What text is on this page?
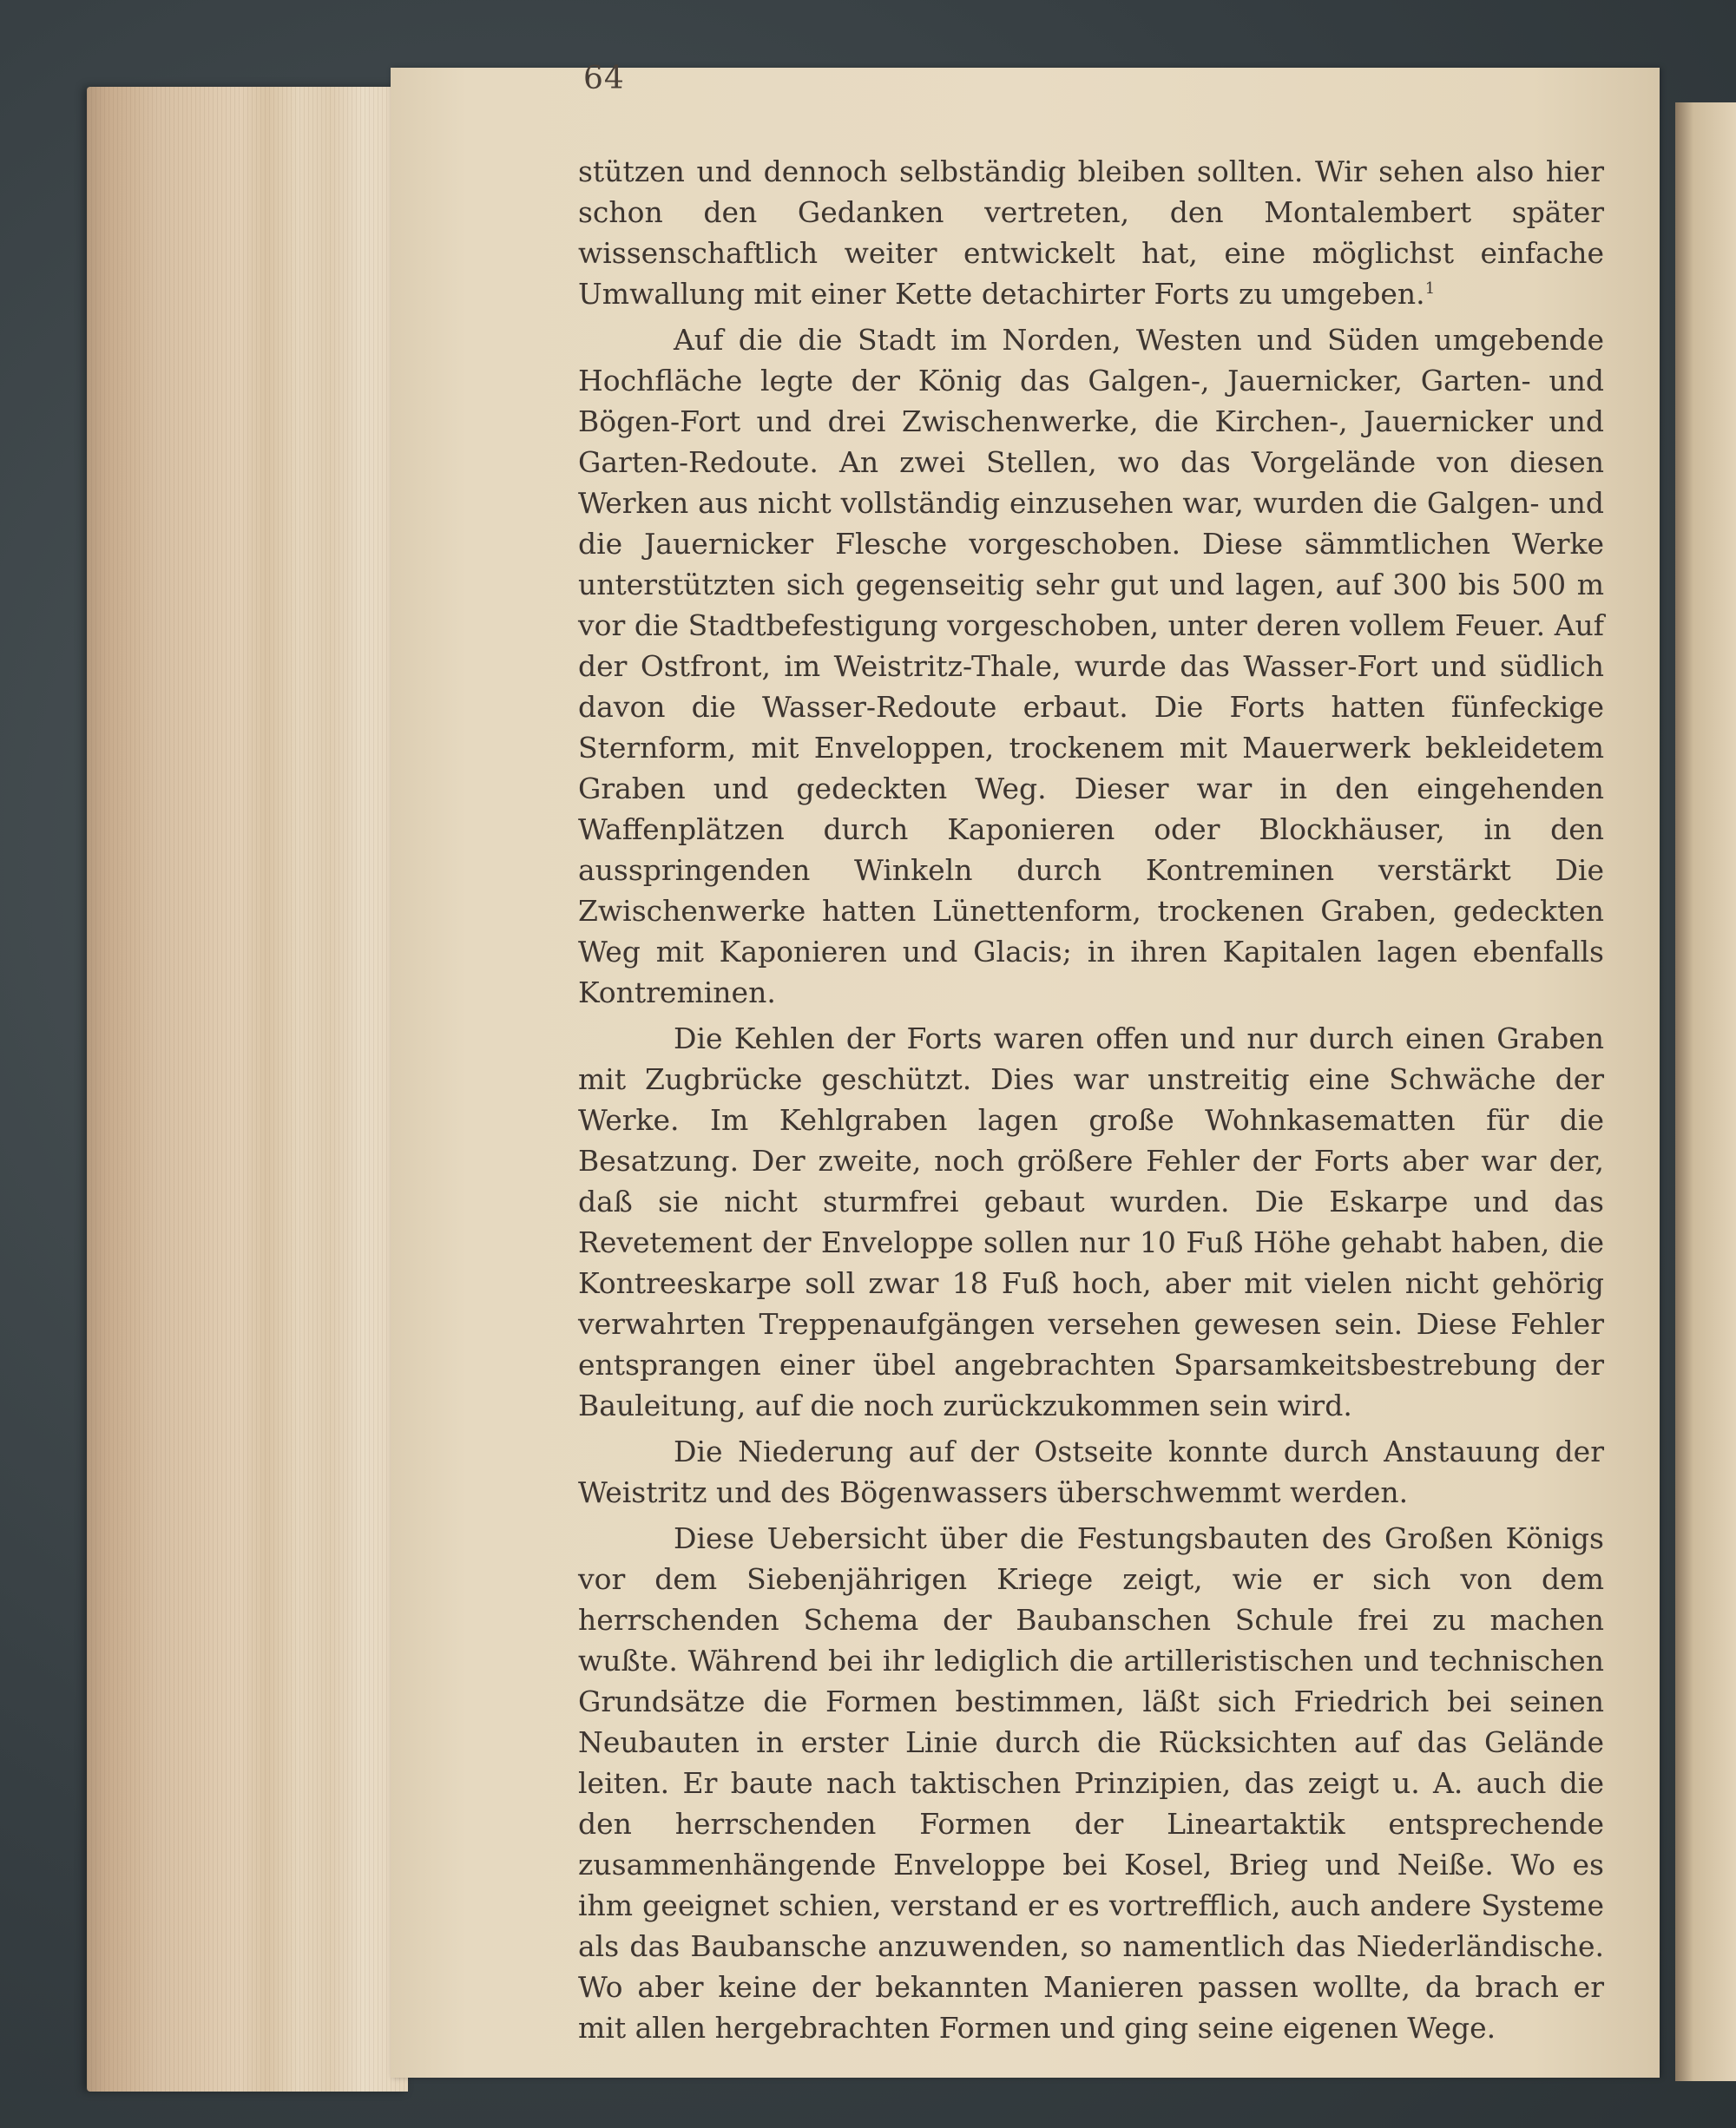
64

stützen und dennoch selbständig bleiben sollten. Wir sehen also hier schon den Gedanken vertreten, den Montalembert später wissenschaftlich weiter entwickelt hat, eine möglichst einfache Umwallung mit einer Kette detachirter Forts zu umgeben.$^1$

Auf die die Stadt im Norden, Westen und Süden umgebende Hochfläche legte der König das Galgen-, Jauernicker, Garten- und Bögen-Fort und drei Zwischenwerke, die Kirchen-, Jauernicker und Garten-Redoute. An zwei Stellen, wo das Vorgelände von diesen Werken aus nicht vollständig einzusehen war, wurden die Galgen- und die Jauernicker Flesche vorgeschoben. Diese sämmtlichen Werke unterstützten sich gegenseitig sehr gut und lagen, auf 300 bis 500 m vor die Stadtbefestigung vorgeschoben, unter deren vollem Feuer. Auf der Ostfront, im Weistritz-Thale, wurde das Wasser-Fort und südlich davon die Wasser-Redoute erbaut. Die Forts hatten fünfeckige Sternform, mit Enveloppen, trockenem mit Mauerwerk bekleidetem Graben und gedeckten Weg. Dieser war in den eingehenden Waffenplätzen durch Kaponieren oder Blockhäuser, in den ausspringenden Winkeln durch Kontreminen verstärkt Die Zwischenwerke hatten Lünettenform, trockenen Graben, gedeckten Weg mit Kaponieren und Glacis; in ihren Kapitalen lagen ebenfalls Kontreminen.

Die Kehlen der Forts waren offen und nur durch einen Graben mit Zugbrücke geschützt. Dies war unstreitig eine Schwäche der Werke. Im Kehlgraben lagen große Wohnkasematten für die Besatzung. Der zweite, noch größere Fehler der Forts aber war der, daß sie nicht sturmfrei gebaut wurden. Die Eskarpe und das Revetement der Enveloppe sollen nur 10 Fuß Höhe gehabt haben, die Kontreeskarpe soll zwar 18 Fuß hoch, aber mit vielen nicht gehörig verwahrten Treppenaufgängen versehen gewesen sein. Diese Fehler entsprangen einer übel angebrachten Sparsamkeitsbestrebung der Bauleitung, auf die noch zurückzukommen sein wird.

Die Niederung auf der Ostseite konnte durch Anstauung der Weistritz und des Bögenwassers überschwemmt werden.

Diese Uebersicht über die Festungsbauten des Großen Königs vor dem Siebenjährigen Kriege zeigt, wie er sich von dem herrschenden Schema der Baubanschen Schule frei zu machen wußte. Während bei ihr lediglich die artilleristischen und technischen Grundsätze die Formen bestimmen, läßt sich Friedrich bei seinen Neubauten in erster Linie durch die Rücksichten auf das Gelände leiten. Er baute nach taktischen Prinzipien, das zeigt u. A. auch die den herrschenden Formen der Lineartaktik entsprechende zusammenhängende Enveloppe bei Kosel, Brieg und Neiße. Wo es ihm geeignet schien, verstand er es vortrefflich, auch andere Systeme als das Baubansche anzuwenden, so namentlich das Niederländische. Wo aber keine der bekannten Manieren passen wollte, da brach er mit allen hergebrachten Formen und ging seine eigenen Wege.
